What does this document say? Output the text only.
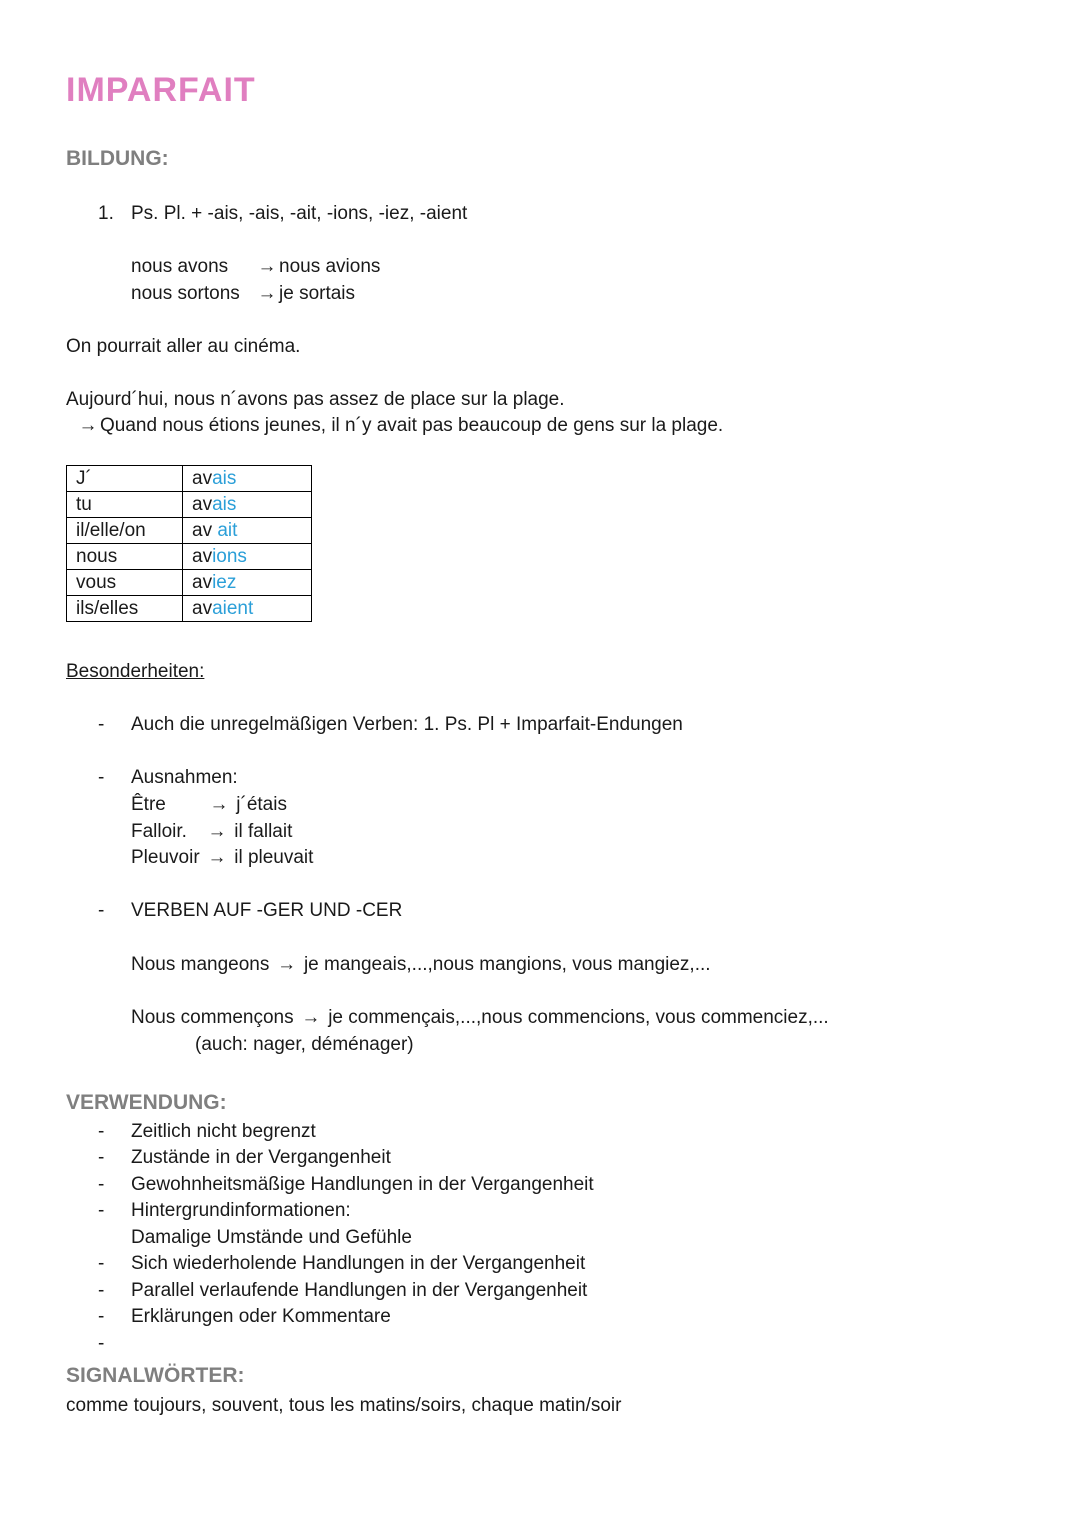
IMPARFAIT
BILDUNG:
1. Ps. Pl. + -ais, -ais, -ait, -ions, -iez, -aient
nous avons → nous avions
nous sortons → je sortais
On pourrait aller au cinéma.
Aujourd´hui, nous n´avons pas assez de place sur la plage.
→ Quand nous étions jeunes, il n´y avait pas beaucoup de gens sur la plage.
J´	avais
tu	avais
il/elle/on	av ait
nous	avions
vous	aviez
ils/elles	avaient
Besonderheiten:
- Auch die unregelmäßigen Verben: 1. Ps. Pl + Imparfait-Endungen
- Ausnahmen:
Être → j´étais
Falloir. → il fallait
Pleuvoir → il pleuvait
- VERBEN AUF -GER UND -CER
Nous mangeons → je mangeais,...,nous mangions, vous mangiez,...
Nous commençons → je commençais,...,nous commencions, vous commenciez,...
(auch: nager, déménager)
VERWENDUNG:
- Zeitlich nicht begrenzt
- Zustände in der Vergangenheit
- Gewohnheitsmäßige Handlungen in der Vergangenheit
- Hintergrundinformationen:
Damalige Umstände und Gefühle
- Sich wiederholende Handlungen in der Vergangenheit
- Parallel verlaufende Handlungen in der Vergangenheit
- Erklärungen oder Kommentare
-
SIGNALWÖRTER:
comme toujours, souvent, tous les matins/soirs, chaque matin/soir
